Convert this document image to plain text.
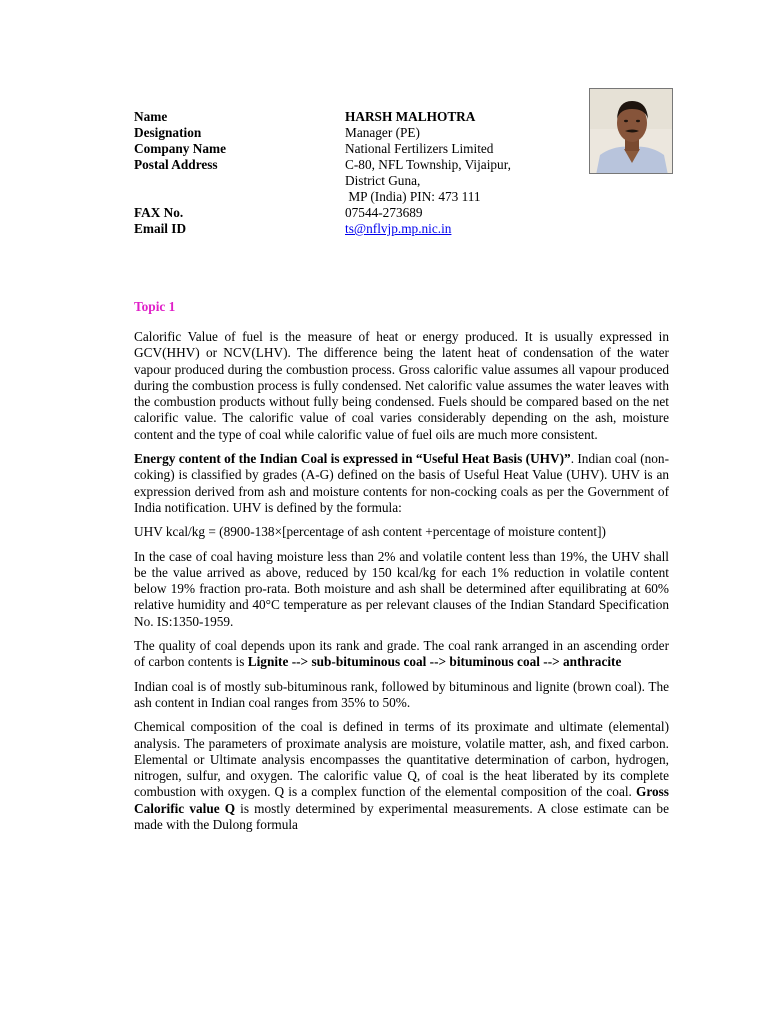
Name	HARSH MALHOTRA
Designation	Manager (PE)
Company Name	National Fertilizers Limited
Postal Address	C-80, NFL Township, Vijaipur,
District Guna,
MP (India) PIN: 473 111
FAX No.	07544-273689
Email ID	ts@nflvjp.mp.nic.in
Topic 1

Calorific Value of fuel is the measure of heat or energy produced. It is usually expressed in GCV(HHV) or NCV(LHV). The difference being the latent heat of condensation of the water vapour produced during the combustion process. Gross calorific value assumes all vapour produced during the combustion process is fully condensed. Net calorific value assumes the water leaves with the combustion products without fully being condensed. Fuels should be compared based on the net calorific value. The calorific value of coal varies considerably depending on the ash, moisture content and the type of coal while calorific value of fuel oils are much more consistent.

Energy content of the Indian Coal is expressed in “Useful Heat Basis (UHV)”. Indian coal (non-coking) is classified by grades (A-G) defined on the basis of Useful Heat Value (UHV). UHV is an expression derived from ash and moisture contents for non-cocking coals as per the Government of India notification. UHV is defined by the formula:

UHV kcal/kg = (8900-138×[percentage of ash content +percentage of moisture content])

In the case of coal having moisture less than 2% and volatile content less than 19%, the UHV shall be the value arrived as above, reduced by 150 kcal/kg for each 1% reduction in volatile content below 19% fraction pro-rata. Both moisture and ash shall be determined after equilibrating at 60% relative humidity and 40°C temperature as per relevant clauses of the Indian Standard Specification No. IS:1350-1959.

The quality of coal depends upon its rank and grade. The coal rank arranged in an ascending order of carbon contents is Lignite --> sub-bituminous coal --> bituminous coal --> anthracite

Indian coal is of mostly sub-bituminous rank, followed by bituminous and lignite (brown coal). The ash content in Indian coal ranges from 35% to 50%.

Chemical composition of the coal is defined in terms of its proximate and ultimate (elemental) analysis. The parameters of proximate analysis are moisture, volatile matter, ash, and fixed carbon. Elemental or Ultimate analysis encompasses the quantitative determination of carbon, hydrogen, nitrogen, sulfur, and oxygen. The calorific value Q, of coal is the heat liberated by its complete combustion with oxygen. Q is a complex function of the elemental composition of the coal. Gross Calorific value Q is mostly determined by experimental measurements. A close estimate can be made with the Dulong formula
